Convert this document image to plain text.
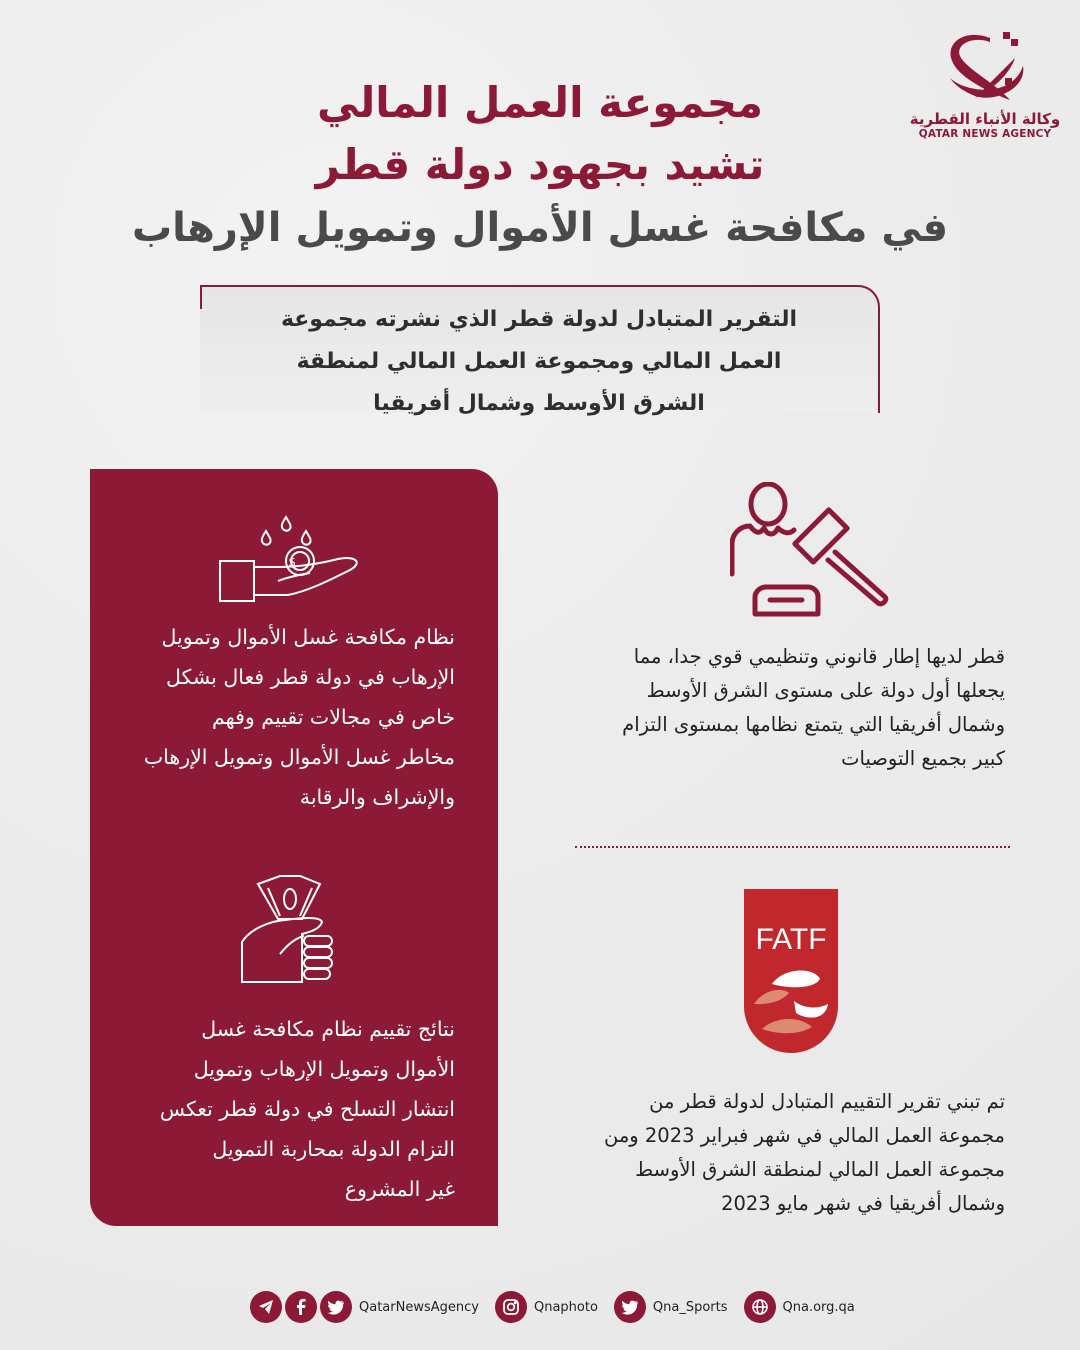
وكالة الأنباء القطرية
QATAR NEWS AGENCY
مجموعة العمل المالي
تشيد بجهود دولة قطر
في مكافحة غسل الأموال وتمويل الإرهاب
التقرير المتبادل لدولة قطر الذي نشرته مجموعة
العمل المالي ومجموعة العمل المالي لمنطقة
الشرق الأوسط وشمال أفريقيا
$
نظام مكافحة غسل الأموال وتمويل
الإرهاب في دولة قطر فعال بشكل
خاص في مجالات تقييم وفهم
مخاطر غسل الأموال وتمويل الإرهاب
والإشراف والرقابة
نتائج تقييم نظام مكافحة غسل
الأموال وتمويل الإرهاب وتمويل
انتشار التسلح في دولة قطر تعكس
التزام الدولة بمحاربة التمويل
غير المشروع
قطر لديها إطار قانوني وتنظيمي قوي جدا، مما
يجعلها أول دولة على مستوى الشرق الأوسط
وشمال أفريقيا التي يتمتع نظامها بمستوى التزام
كبير بجميع التوصيات
FATF
تم تبني تقرير التقييم المتبادل لدولة قطر من
مجموعة العمل المالي في شهر فبراير 2023 ومن
مجموعة العمل المالي لمنطقة الشرق الأوسط
وشمال أفريقيا في شهر مايو 2023
QatarNewsAgency	Qnaphoto	Qna_Sports	Qna.org.qa
